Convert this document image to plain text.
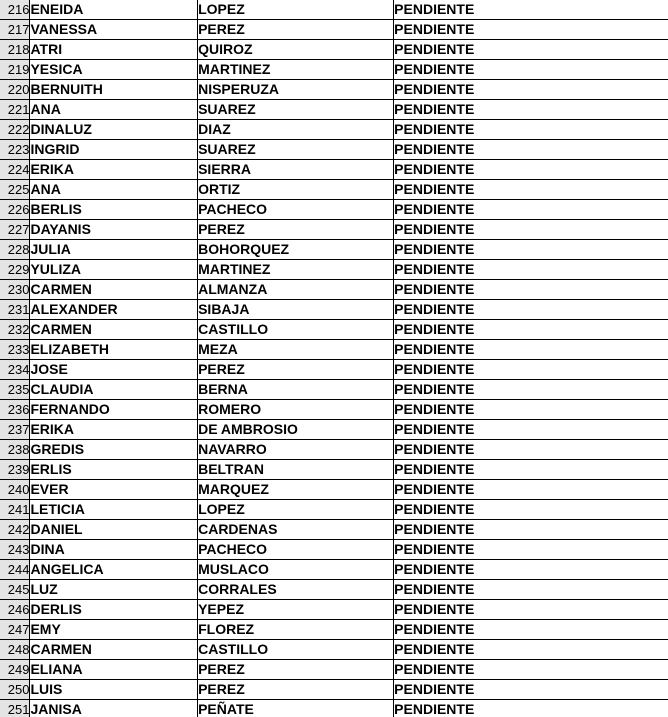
216	ENEIDA	LOPEZ	PENDIENTE
217	VANESSA	PEREZ	PENDIENTE
218	ATRI	QUIROZ	PENDIENTE
219	YESICA	MARTINEZ	PENDIENTE
220	BERNUITH	NISPERUZA	PENDIENTE
221	ANA	SUAREZ	PENDIENTE
222	DINALUZ	DIAZ	PENDIENTE
223	INGRID	SUAREZ	PENDIENTE
224	ERIKA	SIERRA	PENDIENTE
225	ANA	ORTIZ	PENDIENTE
226	BERLIS	PACHECO	PENDIENTE
227	DAYANIS	PEREZ	PENDIENTE
228	JULIA	BOHORQUEZ	PENDIENTE
229	YULIZA	MARTINEZ	PENDIENTE
230	CARMEN	ALMANZA	PENDIENTE
231	ALEXANDER	SIBAJA	PENDIENTE
232	CARMEN	CASTILLO	PENDIENTE
233	ELIZABETH	MEZA	PENDIENTE
234	JOSE	PEREZ	PENDIENTE
235	CLAUDIA	BERNA	PENDIENTE
236	FERNANDO	ROMERO	PENDIENTE
237	ERIKA	DE AMBROSIO	PENDIENTE
238	GREDIS	NAVARRO	PENDIENTE
239	ERLIS	BELTRAN	PENDIENTE
240	EVER	MARQUEZ	PENDIENTE
241	LETICIA	LOPEZ	PENDIENTE
242	DANIEL	CARDENAS	PENDIENTE
243	DINA	PACHECO	PENDIENTE
244	ANGELICA	MUSLACO	PENDIENTE
245	LUZ	CORRALES	PENDIENTE
246	DERLIS	YEPEZ	PENDIENTE
247	EMY	FLOREZ	PENDIENTE
248	CARMEN	CASTILLO	PENDIENTE
249	ELIANA	PEREZ	PENDIENTE
250	LUIS	PEREZ	PENDIENTE
251	JANISA	PEÑATE	PENDIENTE
